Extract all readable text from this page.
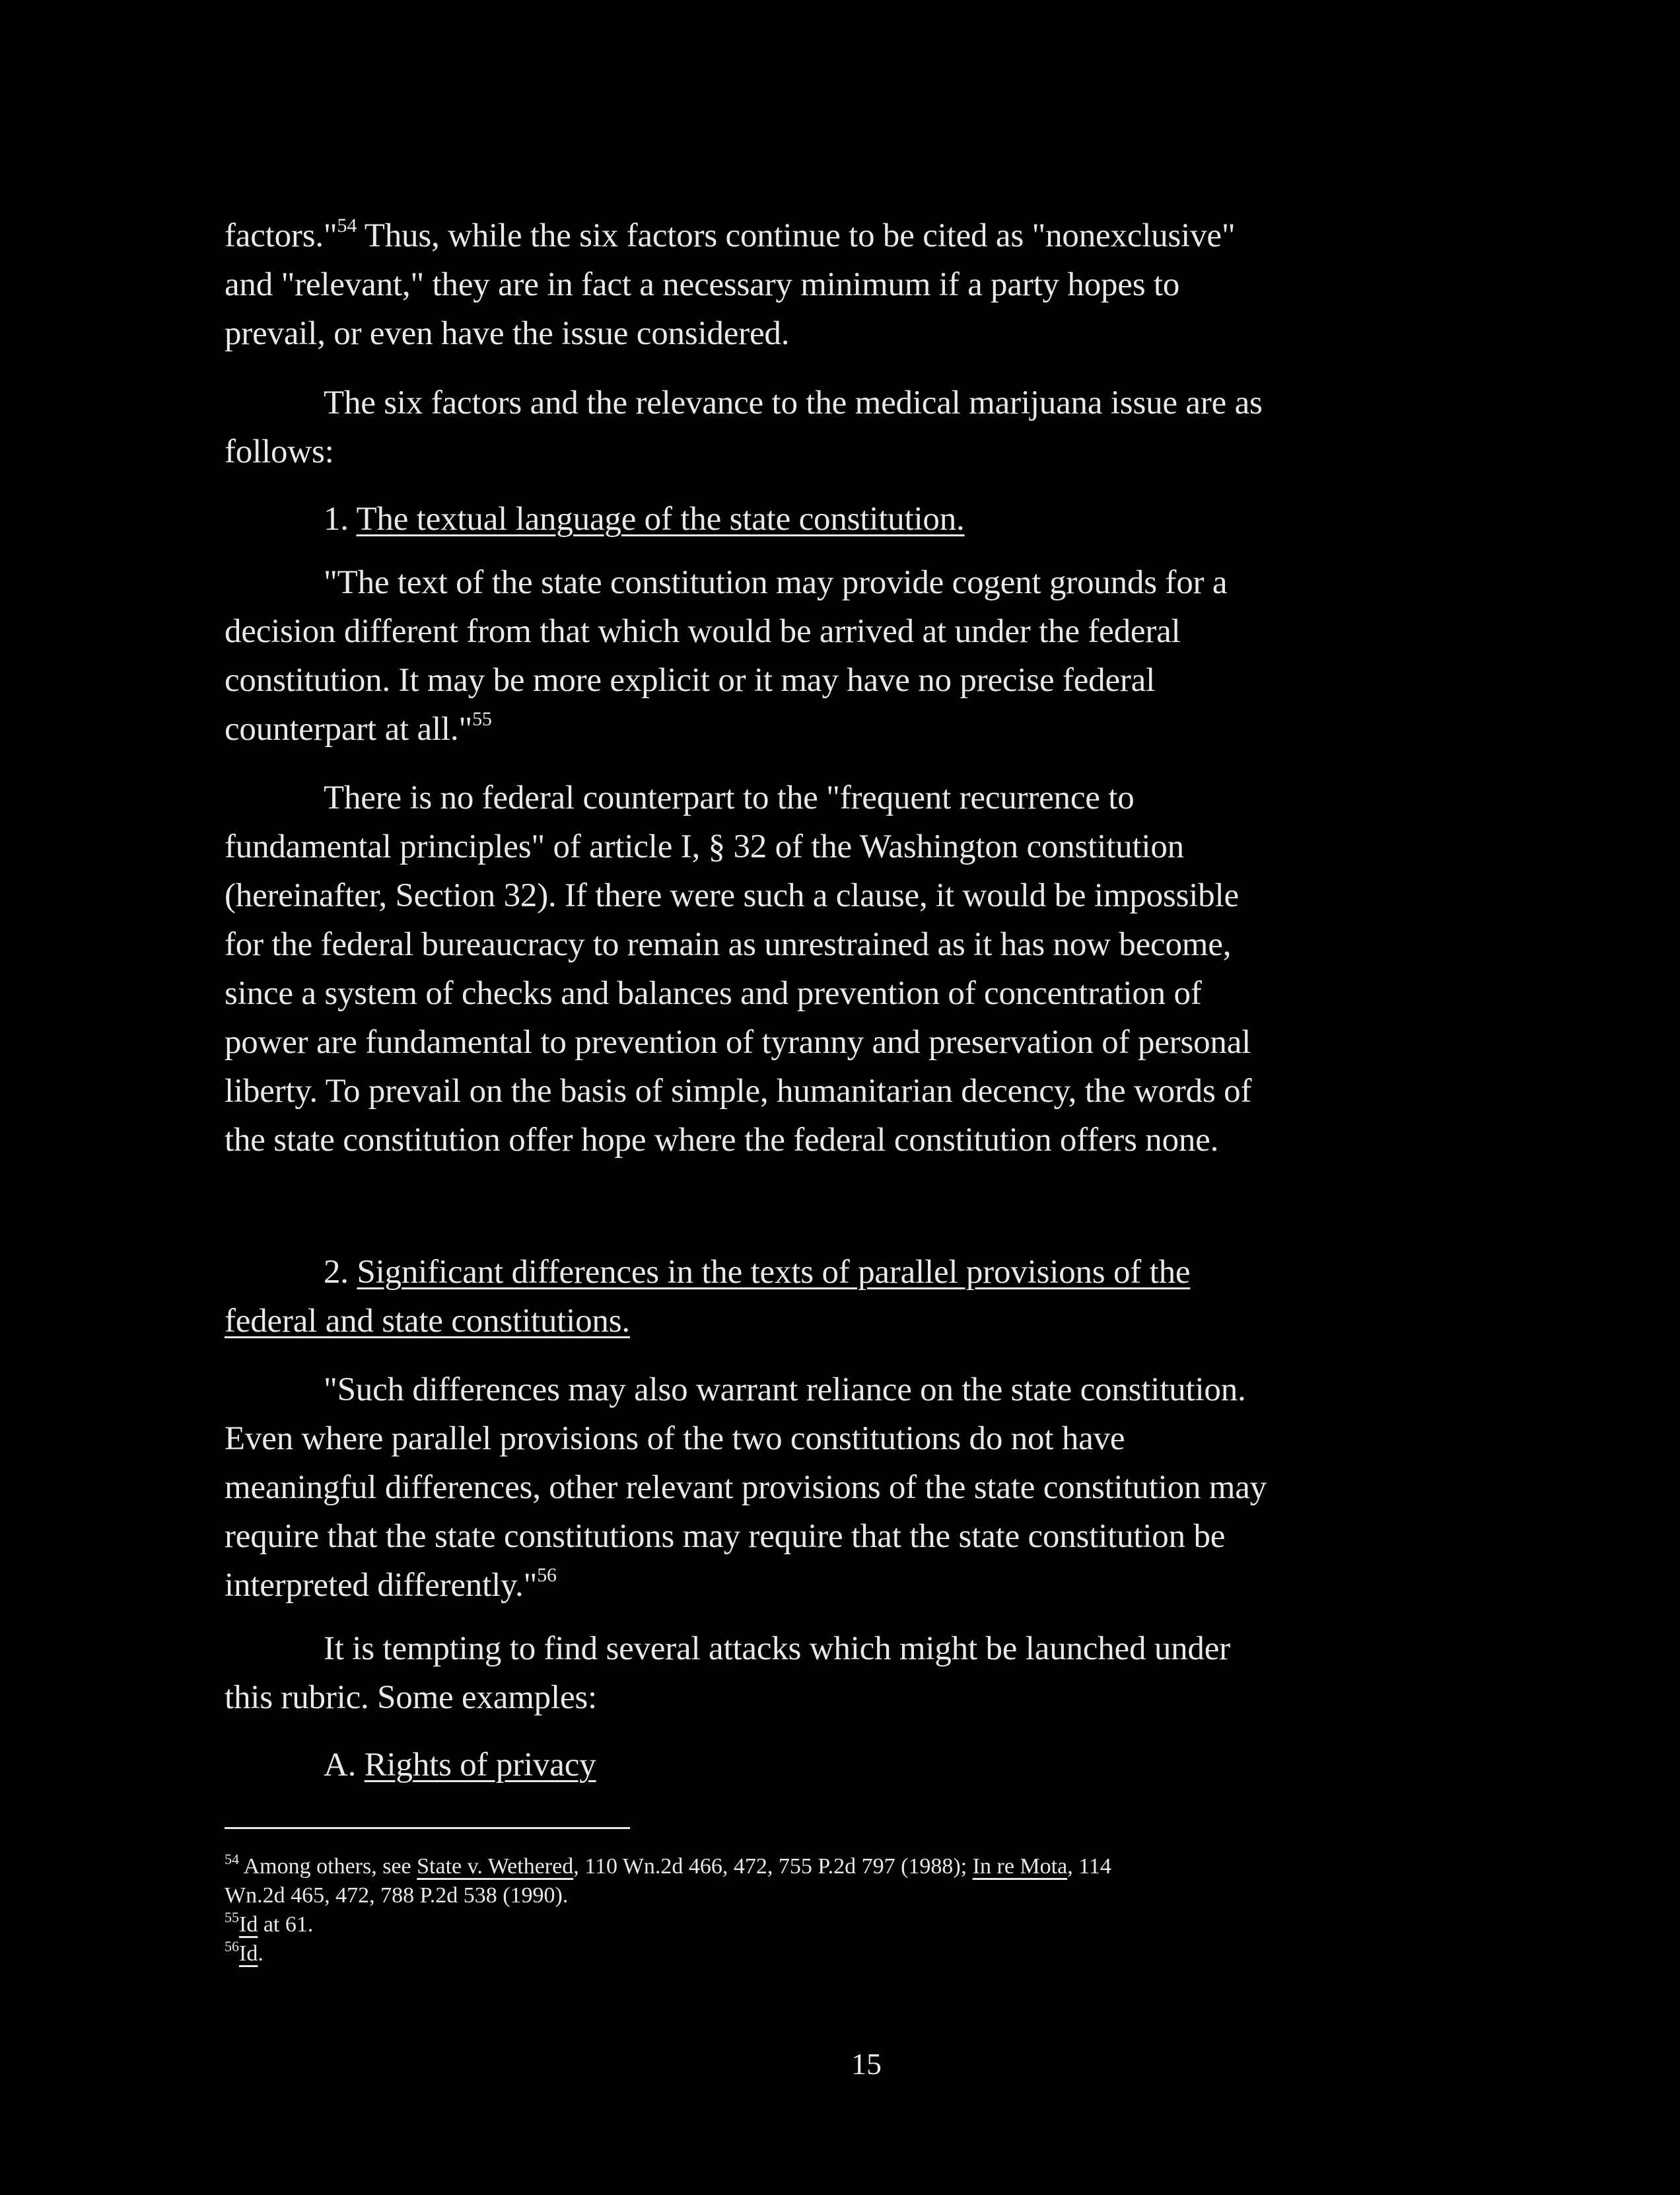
factors."$^{54}$ Thus, while the six factors continue to be cited as "nonexclusive"
and "relevant," they are in fact a necessary minimum if a party hopes to
prevail, or even have the issue considered.
The six factors and the relevance to the medical marijuana issue are as
follows:
1. The textual language of the state constitution.
"The text of the state constitution may provide cogent grounds for a
decision different from that which would be arrived at under the federal
constitution. It may be more explicit or it may have no precise federal
counterpart at all."$^{55}$
There is no federal counterpart to the "frequent recurrence to
fundamental principles" of article I, § 32 of the Washington constitution
(hereinafter, Section 32). If there were such a clause, it would be impossible
for the federal bureaucracy to remain as unrestrained as it has now become,
since a system of checks and balances and prevention of concentration of
power are fundamental to prevention of tyranny and preservation of personal
liberty. To prevail on the basis of simple, humanitarian decency, the words of
the state constitution offer hope where the federal constitution offers none.
2. Significant differences in the texts of parallel provisions of the
federal and state constitutions.
"Such differences may also warrant reliance on the state constitution.
Even where parallel provisions of the two constitutions do not have
meaningful differences, other relevant provisions of the state constitution may
require that the state constitutions may require that the state constitution be
interpreted differently."$^{56}$
It is tempting to find several attacks which might be launched under
this rubric. Some examples:
A. Rights of privacy
$^{54}$ Among others, see State v. Wethered, 110 Wn.2d 466, 472, 755 P.2d 797 (1988); In re Mota, 114
Wn.2d 465, 472, 788 P.2d 538 (1990).
$^{55}$Id at 61.
$^{56}$Id.
15
